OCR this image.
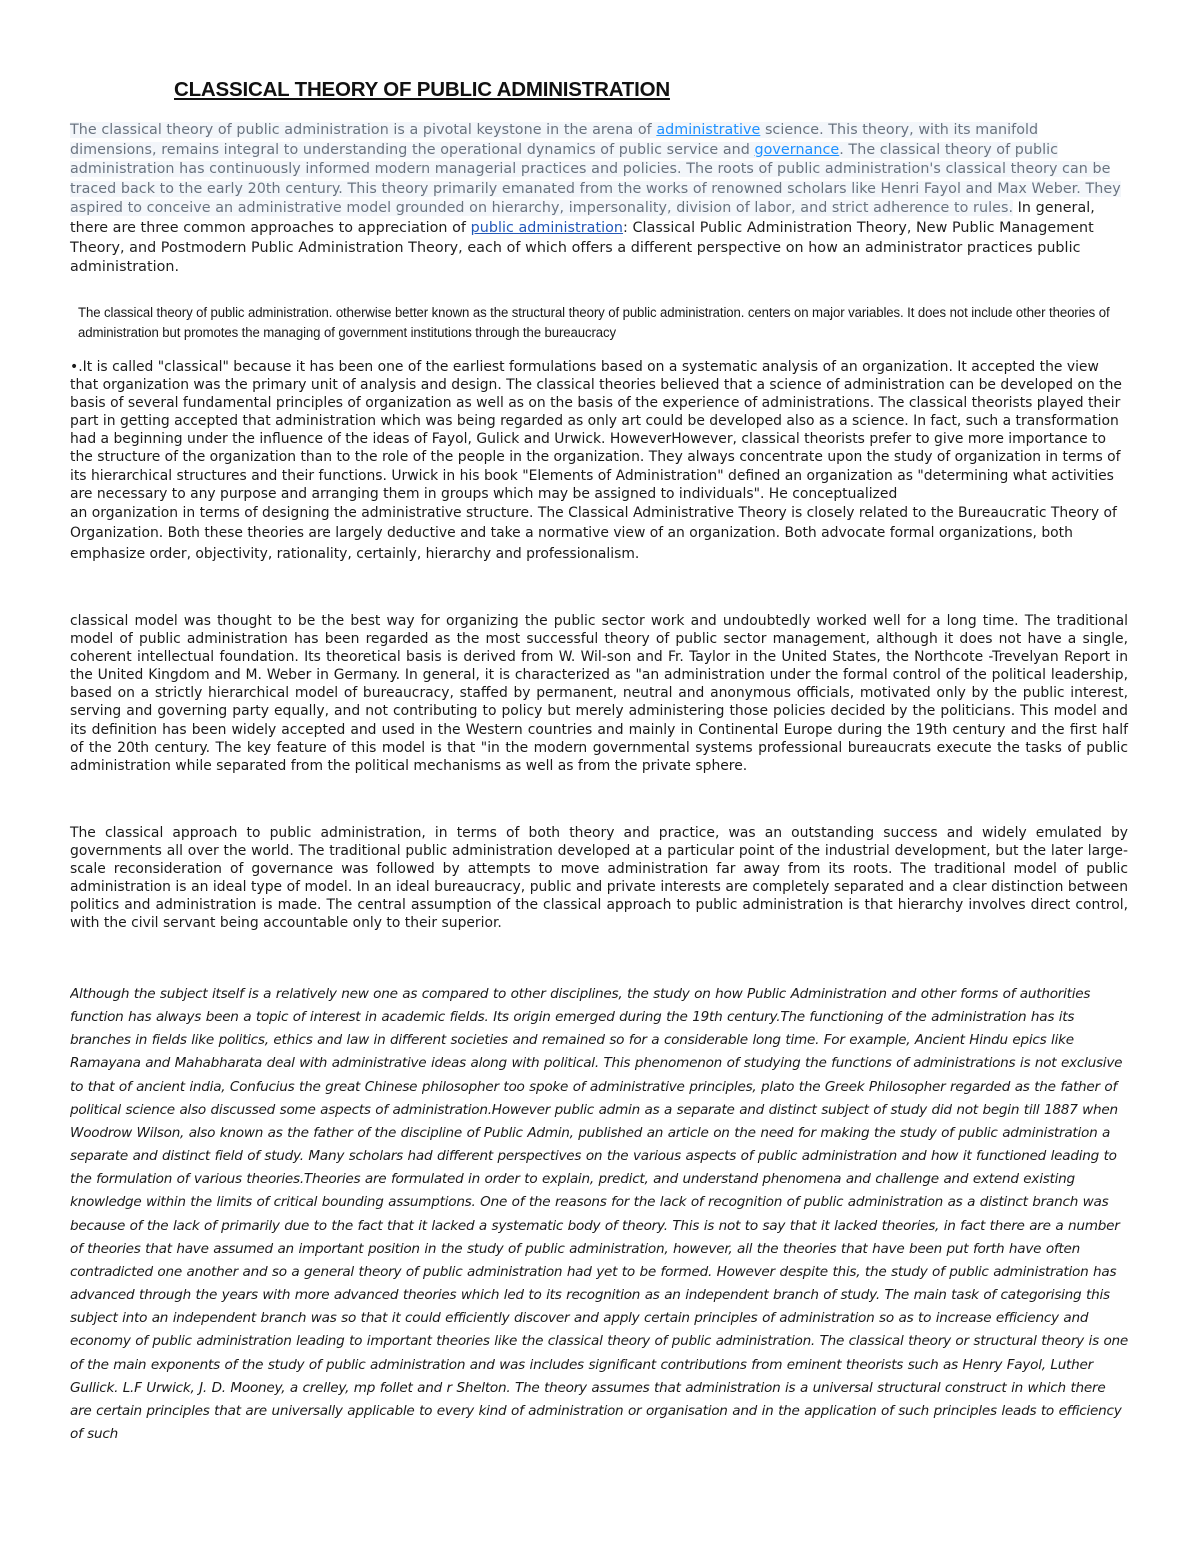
CLASSICAL THEORY OF PUBLIC ADMINISTRATION

The classical theory of public administration is a pivotal keystone in the arena of administrative science. This theory, with its manifold dimensions, remains integral to understanding the operational dynamics of public service and governance. The classical theory of public administration has continuously informed modern managerial practices and policies. The roots of public administration's classical theory can be traced back to the early 20th century. This theory primarily emanated from the works of renowned scholars like Henri Fayol and Max Weber. They aspired to conceive an administrative model grounded on hierarchy, impersonality, division of labor, and strict adherence to rules. In general, there are three common approaches to appreciation of public administration: Classical Public Administration Theory, New Public Management Theory, and Postmodern Public Administration Theory, each of which offers a different perspective on how an administrator practices public administration.

The classical theory of public administration. otherwise better known as the structural theory of public administration. centers on major variables. It does not include other theories of administration but promotes the managing of government institutions through the bureaucracy

•.It is called "classical" because it has been one of the earliest formulations based on a systematic analysis of an organization. It accepted the view that organization was the primary unit of analysis and design. The classical theories believed that a science of administration can be developed on the basis of several fundamental principles of organization as well as on the basis of the experience of administrations. The classical theorists played their part in getting accepted that administration which was being regarded as only art could be developed also as a science. In fact, such a transformation had a beginning under the influence of the ideas of Fayol, Gulick and Urwick. HoweverHowever, classical theorists prefer to give more importance to the structure of the organization than to the role of the people in the organization. They always concentrate upon the study of organization in terms of its hierarchical structures and their functions. Urwick in his book "Elements of Administration" defined an organization as "determining what activities are necessary to any purpose and arranging them in groups which may be assigned to individuals". He conceptualized
an organization in terms of designing the administrative structure. The Classical Administrative Theory is closely related to the Bureaucratic Theory of Organization. Both these theories are largely deductive and take a normative view of an organization. Both advocate formal organizations, both emphasize order, objectivity, rationality, certainly, hierarchy and professionalism.

classical model was thought to be the best way for organizing the public sector work and undoubtedly worked well for a long time. The traditional model of public administration has been regarded as the most successful theory of public sector management, although it does not have a single, coherent intellectual foundation. Its theoretical basis is derived from W. Wil-son and Fr. Taylor in the United States, the Northcote -Trevelyan Report in the United Kingdom and M. Weber in Germany. In general, it is characterized as "an administration under the formal control of the political leadership, based on a strictly hierarchical model of bureaucracy, staffed by permanent, neutral and anonymous officials, motivated only by the public interest, serving and governing party equally, and not contributing to policy but merely administering those policies decided by the politicians. This model and its definition has been widely accepted and used in the Western countries and mainly in Continental Europe during the 19th century and the first half of the 20th century. The key feature of this model is that "in the modern governmental systems professional bureaucrats execute the tasks of public administration while separated from the political mechanisms as well as from the private sphere.

The classical approach to public administration, in terms of both theory and practice, was an outstanding success and widely emulated by governments all over the world. The traditional public administration developed at a particular point of the industrial development, but the later large-scale reconsideration of governance was followed by attempts to move administration far away from its roots. The traditional model of public administration is an ideal type of model. In an ideal bureaucracy, public and private interests are completely separated and a clear distinction between politics and administration is made. The central assumption of the classical approach to public administration is that hierarchy involves direct control, with the civil servant being accountable only to their superior.

Although the subject itself is a relatively new one as compared to other disciplines, the study on how Public Administration and other forms of authorities function has always been a topic of interest in academic fields. Its origin emerged during the 19th century.The functioning of the administration has its branches in fields like politics, ethics and law in different societies and remained so for a considerable long time. For example, Ancient Hindu epics like Ramayana and Mahabharata deal with administrative ideas along with political. This phenomenon of studying the functions of administrations is not exclusive to that of ancient india, Confucius the great Chinese philosopher too spoke of administrative principles, plato the Greek Philosopher regarded as the father of political science also discussed some aspects of administration.However public admin as a separate and distinct subject of study did not begin till 1887 when Woodrow Wilson, also known as the father of the discipline of Public Admin, published an article on the need for making the study of public administration a separate and distinct field of study. Many scholars had different perspectives on the various aspects of public administration and how it functioned leading to the formulation of various theories.Theories are formulated in order to explain, predict, and understand phenomena and challenge and extend existing knowledge within the limits of critical bounding assumptions. One of the reasons for the lack of recognition of public administration as a distinct branch was because of the lack of primarily due to the fact that it lacked a systematic body of theory. This is not to say that it lacked theories, in fact there are a number of theories that have assumed an important position in the study of public administration, however, all the theories that have been put forth have often contradicted one another and so a general theory of public administration had yet to be formed. However despite this, the study of public administration has advanced through the years with more advanced theories which led to its recognition as an independent branch of study. The main task of categorising this subject into an independent branch was so that it could efficiently discover and apply certain principles of administration so as to increase efficiency and economy of public administration leading to important theories like the classical theory of public administration. The classical theory or structural theory is one of the main exponents of the study of public administration and was includes significant contributions from eminent theorists such as Henry Fayol, Luther Gullick. L.F Urwick, J. D. Mooney, a crelley, mp follet and r Shelton. The theory assumes that administration is a universal structural construct in which there are certain principles that are universally applicable to every kind of administration or organisation and in the application of such principles leads to efficiency of such
